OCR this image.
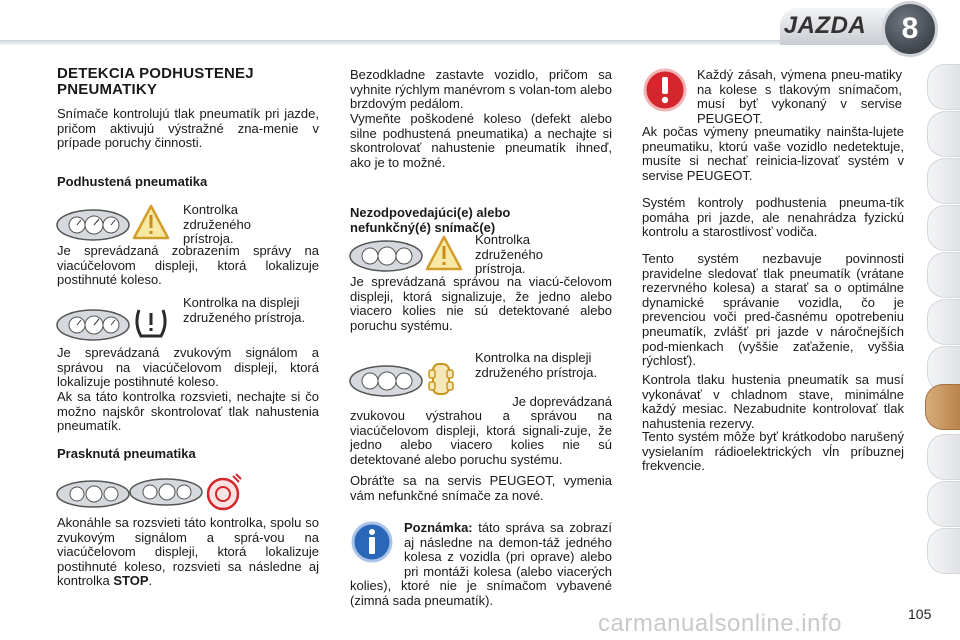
JAZDA	8
DETEKCIA PODHUSTENEJ PNEUMATIKY
Snímače kontrolujú tlak pneumatík pri jazde, pričom aktivujú výstražné zna-menie v prípade poruchy činnosti.
Podhustená pneumatika
Kontrolka združeného prístroja.
Je sprevádzaná zobrazením správy na viacúčelovom displeji, ktorá lokalizuje postihnuté koleso.
Kontrolka na displeji združeného prístroja.
Je sprevádzaná zvukovým signálom a správou na viacúčelovom displeji, ktorá lokalizuje postihnuté koleso.
Ak sa táto kontrolka rozsvieti, nechajte si čo možno najskôr skontrolovať tlak nahustenia pneumatík.
Prasknutá pneumatika
Akonáhle sa rozsvieti táto kontrolka, spolu so zvukovým signálom a sprá-vou na viacúčelovom displeji, ktorá lokalizuje postihnuté koleso, rozsvieti sa následne aj kontrolka STOP.
Bezodkladne zastavte vozidlo, pričom sa vyhnite rýchlym manévrom s volan-tom alebo brzdovým pedálom.
Vymeňte poškodené koleso (defekt alebo silne podhustená pneumatika) a nechajte si skontrolovať nahustenie pneumatík ihneď, ako je to možné.
Nezodpovedajúci(e) alebo nefunkčný(é) snímač(e)
Kontrolka združeného prístroja.
Je sprevádzaná správou na viacú-čelovom displeji, ktorá signalizuje, že jedno alebo viacero kolies nie sú detektované alebo poruchu systému.
Kontrolka na displeji združeného prístroja.
Je doprevádzaná
zvukovou výstrahou a správou na viacúčelovom displeji, ktorá signali-zuje, že jedno alebo viacero kolies nie sú detektované alebo poruchu systému.
Obráťte sa na servis PEUGEOT, vymenia vám nefunkčné snímače za nové.
Poznámka: táto správa sa zobrazí aj následne na demon-táž jedného kolesa z vozidla (pri oprave) alebo pri montáži kolesa (alebo viacerých kolies), ktoré nie je snímačom vybavené (zimná sada pneumatík).
Každý zásah, výmena pneu-matiky na kolese s tlakovým snímačom, musí byť vykonaný v servise PEUGEOT.
Ak počas výmeny pneumatiky nainšta-lujete pneumatiku, ktorú vaše vozidlo nedetektuje, musíte si nechať reinicia-lizovať systém v servise PEUGEOT.
Systém kontroly podhustenia pneuma-tík pomáha pri jazde, ale nenahrádza fyzickú kontrolu a starostlivosť vodiča.
Tento systém nezbavuje povinnosti pravidelne sledovať tlak pneumatík (vrátane rezervného kolesa) a starať sa o optimálne dynamické správanie vozidla, čo je prevenciou voči pred-časnému opotrebeniu pneumatík, zvlášť pri jazde v náročnejších pod-mienkach (vyššie zaťaženie, vyššia rýchlosť).
Kontrola tlaku hustenia pneumatík sa musí vykonávať v chladnom stave, minimálne každý mesiac. Nezabudnite kontrolovať tlak nahustenia rezervy.
Tento systém môže byť krátkodobo narušený vysielaním rádioelektrických vĺn príbuznej frekvencie.
carmanualsonline.info	105
